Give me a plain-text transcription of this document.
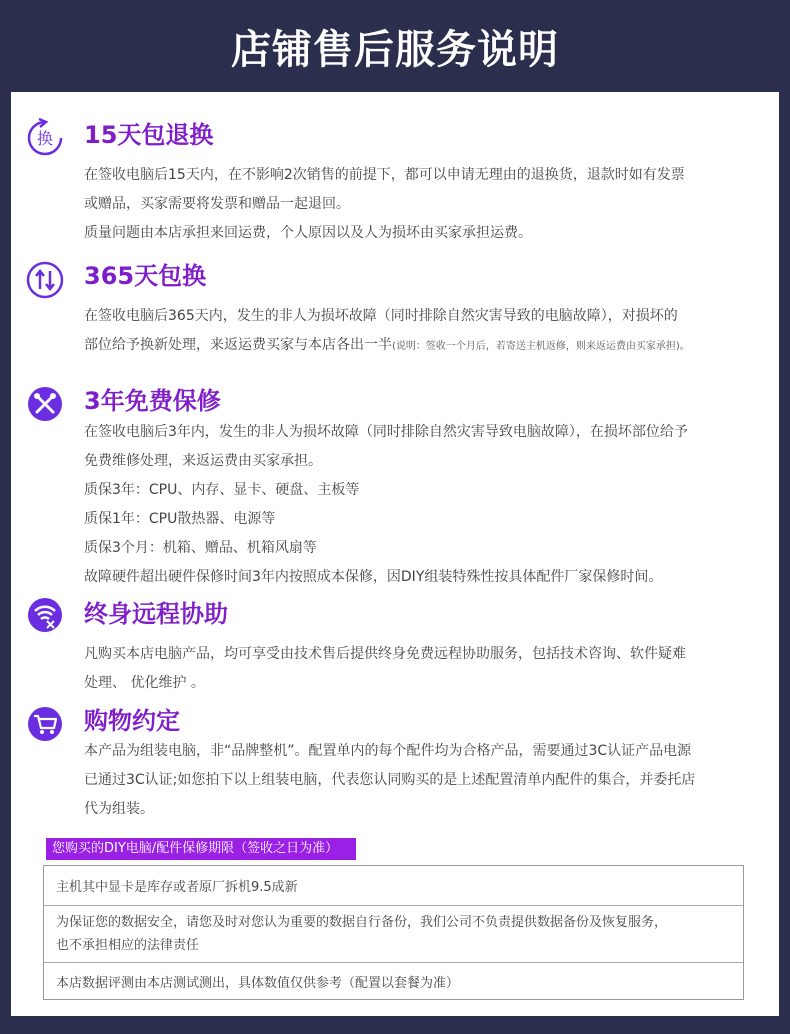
店铺售后服务说明
换 15天包退换
在签收电脑后15天内，在不影响2次销售的前提下，都可以申请无理由的退换货，退款时如有发票
或赠品，买家需要将发票和赠品一起退回。
质量问题由本店承担来回运费，个人原因以及人为损坏由买家承担运费。
365天包换
在签收电脑后365天内，发生的非人为损坏故障（同时排除自然灾害导致的电脑故障），对损坏的
部位给予换新处理，来返运费买家与本店各出一半(说明：签收一个月后，若寄送主机返修，则来返运费由买家承担)。
3年免费保修
在签收电脑后3年内，发生的非人为损坏故障（同时排除自然灾害导致电脑故障），在损坏部位给予
免费维修处理，来返运费由买家承担。
质保3年：CPU、内存、显卡、硬盘、主板等
质保1年：CPU散热器、电源等
质保3个月：机箱、赠品、机箱风扇等
故障硬件超出硬件保修时间3年内按照成本保修，因DIY组装特殊性按具体配件厂家保修时间。
终身远程协助
凡购买本店电脑产品，均可享受由技术售后提供终身免费远程协助服务，包括技术咨询、软件疑难
处理、 优化维护 。
购物约定
本产品为组装电脑，非“品牌整机”。配置单内的每个配件均为合格产品，需要通过3C认证产品电源
已通过3C认证;如您拍下以上组装电脑，代表您认同购买的是上述配置清单内配件的集合，并委托店
代为组装。
您购买的DIY电脑/配件保修期限（签收之日为准）
主机其中显卡是库存或者原厂拆机9.5成新
为保证您的数据安全，请您及时对您认为重要的数据自行备份，我们公司不负责提供数据备份及恢复服务，
也不承担相应的法律责任
本店数据评测由本店测试测出，具体数值仅供参考（配置以套餐为准）
